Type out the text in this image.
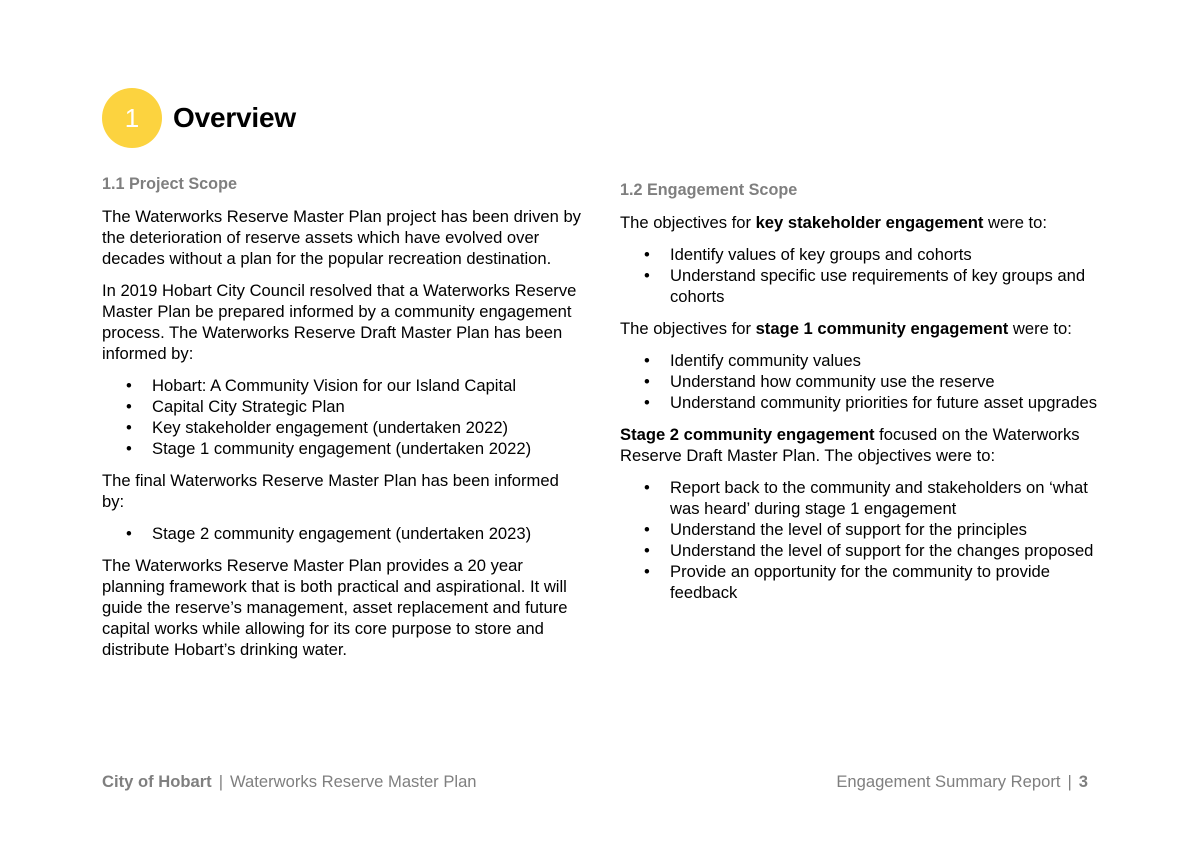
1	Overview
1.1 Project Scope

The Waterworks Reserve Master Plan project has been driven by the deterioration of reserve assets which have evolved over decades without a plan for the popular recreation destination.

In 2019 Hobart City Council resolved that a Waterworks Reserve Master Plan be prepared informed by a community engagement process. The Waterworks Reserve Draft Master Plan has been informed by:

• Hobart: A Community Vision for our Island Capital
• Capital City Strategic Plan
• Key stakeholder engagement (undertaken 2022)
• Stage 1 community engagement (undertaken 2022)

The final Waterworks Reserve Master Plan has been informed by:

• Stage 2 community engagement (undertaken 2023)

The Waterworks Reserve Master Plan provides a 20 year planning framework that is both practical and aspirational. It will guide the reserve’s management, asset replacement and future capital works while allowing for its core purpose to store and distribute Hobart’s drinking water.

1.2 Engagement Scope

The objectives for key stakeholder engagement were to:

• Identify values of key groups and cohorts
• Understand specific use requirements of key groups and cohorts

The objectives for stage 1 community engagement were to:

• Identify community values
• Understand how community use the reserve
• Understand community priorities for future asset upgrades

Stage 2 community engagement focused on the Waterworks Reserve Draft Master Plan. The objectives were to:

• Report back to the community and stakeholders on ‘what was heard’ during stage 1 engagement
• Understand the level of support for the principles
• Understand the level of support for the changes proposed
• Provide an opportunity for the community to provide feedback
City of Hobart | Waterworks Reserve Master Plan	Engagement Summary Report | 3
